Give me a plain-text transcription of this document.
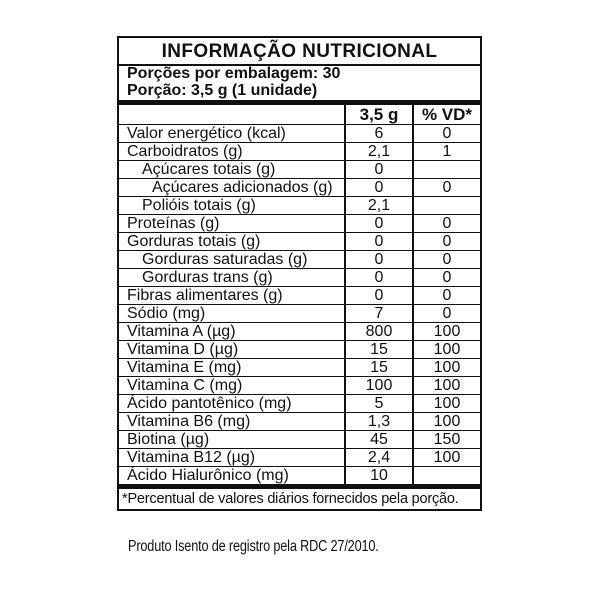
INFORMAÇÃO NUTRICIONAL
Porções por embalagem: 30
Porção: 3,5 g (1 unidade)
	3,5 g	% VD*
Valor energético (kcal)	6	0
Carboidratos (g)	2,1	1
Açúcares totais (g)	0	
Açúcares adicionados (g)	0	0
Polióis totais (g)	2,1	
Proteínas (g)	0	0
Gorduras totais (g)	0	0
Gorduras saturadas (g)	0	0
Gorduras trans (g)	0	0
Fibras alimentares (g)	0	0
Sódio (mg)	7	0
Vitamina A (µg)	800	100
Vitamina D (µg)	15	100
Vitamina E (mg)	15	100
Vitamina C (mg)	100	100
Ácido pantotênico (mg)	5	100
Vitamina B6 (mg)	1,3	100
Biotina (µg)	45	150
Vitamina B12 (µg)	2,4	100
Ácido Hialurônico (mg)	10	
*Percentual de valores diários fornecidos pela porção.
Produto Isento de registro pela RDC 27/2010.
